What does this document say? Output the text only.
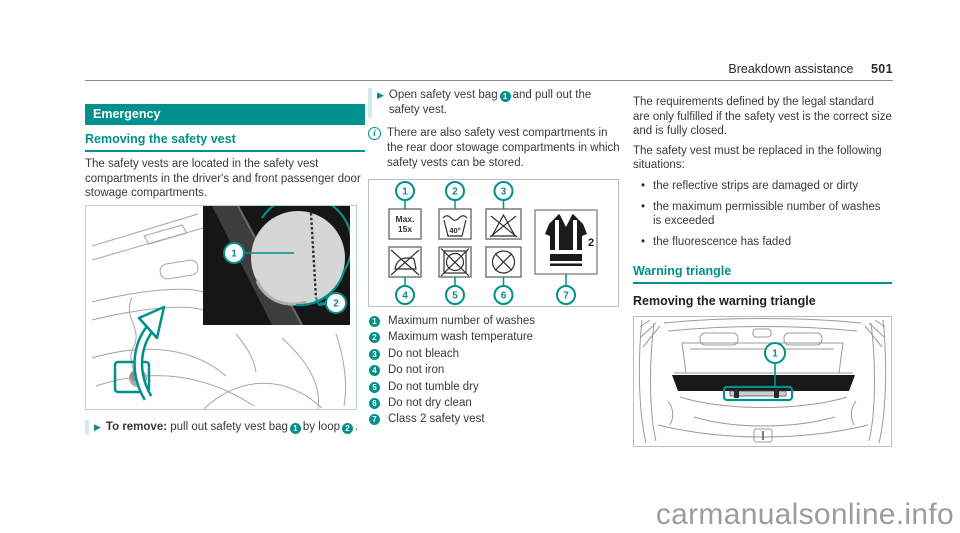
Breakdown assistance 501
Emergency
Removing the safety vest
The safety vests are located in the safety vest compartments in the driver's and front passenger door stowage compartments.
1
2
▶ To remove: pull out safety vest bag 1 by loop 2 .
▶ Open safety vest bag 1 and pull out the safety vest.
i There are also safety vest compartments in the rear door stowage compartments in which safety vests can be stored.
Max.
15x	40°
2
1	2	3
4	5	6	7
1 Maximum number of washes
2 Maximum wash temperature
3 Do not bleach
4 Do not iron
5 Do not tumble dry
6 Do not dry clean
7 Class 2 safety vest
The requirements defined by the legal standard are only fulfilled if the safety vest is the correct size and is fully closed.
The safety vest must be replaced in the following situations:
• the reflective strips are damaged or dirty
• the maximum permissible number of washes is exceeded
• the fluorescence has faded
Warning triangle
Removing the warning triangle
1
carmanualsonline.info
